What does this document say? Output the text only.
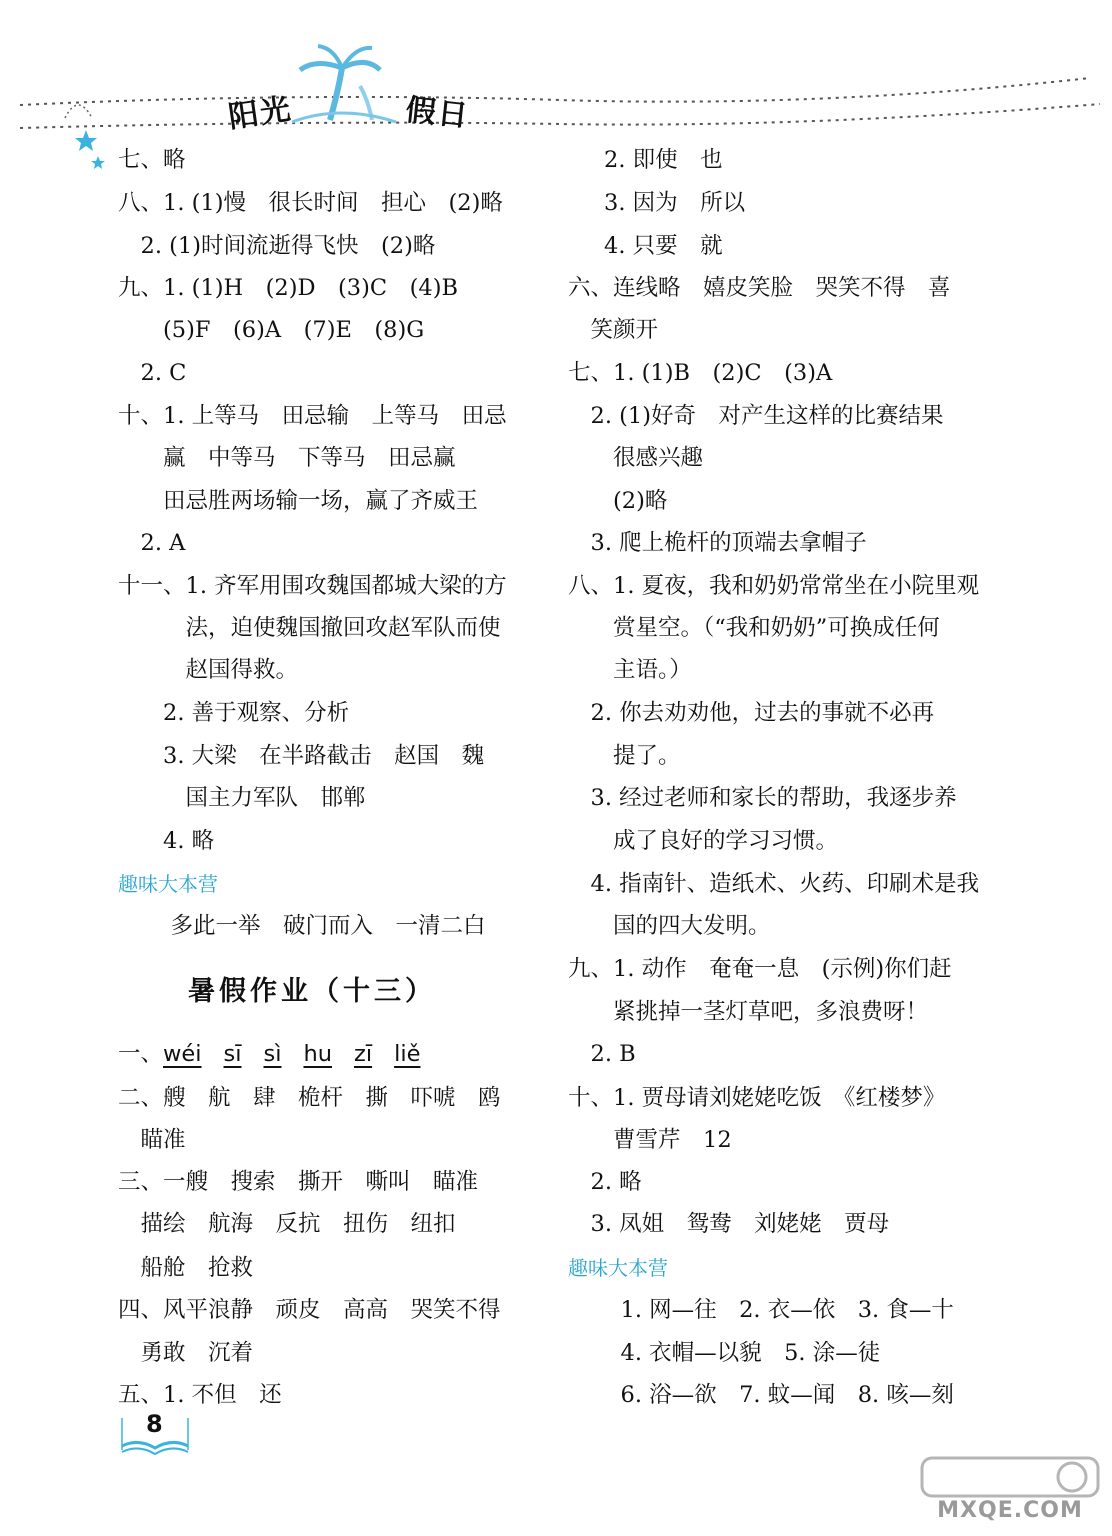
阳光	假日
七、略
八、1. (1)慢　很长时间　担心　(2)略
　2. (1)时间流逝得飞快　(2)略
九、1. (1)H　(2)D　(3)C　(4)B
　　(5)F　(6)A　(7)E　(8)G
　2. C
十、1. 上等马　田忌输　上等马　田忌
　　赢　中等马　下等马　田忌赢
　　田忌胜两场输一场，赢了齐威王
　2. A
十一、1. 齐军用围攻魏国都城大梁的方
　　　法，迫使魏国撤回攻赵军队而使
　　　赵国得救。
　　2. 善于观察、分析
　　3. 大梁　在半路截击　赵国　魏
　　　国主力军队　邯郸
　　4. 略
趣味大本营
　多此一举　破门而入　一清二白
暑假作业（十三）
一、 wéi sī sì hu zī liě
二、艘　航　肆　桅杆　撕　吓唬　鸥
　瞄准
三、一艘　搜索　撕开　嘶叫　瞄准
　描绘　航海　反抗　扭伤　纽扣
　船舱　抢救
四、风平浪静　顽皮　高高　哭笑不得
　勇敢　沉着
五、1. 不但　还
2. 即使　也
3. 因为　所以
4. 只要　就
六、连线略　嬉皮笑脸　哭笑不得　喜
　笑颜开
七、1. (1)B　(2)C　(3)A
　2. (1)好奇　对产生这样的比赛结果
　　很感兴趣
　　(2)略
　3. 爬上桅杆的顶端去拿帽子
八、1. 夏夜，我和奶奶常常坐在小院里观
　　赏星空。（“我和奶奶”可换成任何
　　主语。）
　2. 你去劝劝他，过去的事就不必再
　　提了。
　3. 经过老师和家长的帮助，我逐步养
　　成了良好的学习习惯。
　4. 指南针、造纸术、火药、印刷术是我
　　国的四大发明。
九、1. 动作　奄奄一息　(示例)你们赶
　　紧挑掉一茎灯草吧，多浪费呀！
　2. B
十、1. 贾母请刘姥姥吃饭　《红楼梦》
　　曹雪芹　12
　2. 略
　3. 凤姐　鸳鸯　刘姥姥　贾母
趣味大本营
　1. 网—往　2. 衣—依　3. 食—十
　4. 衣帽—以貌　5. 涂—徒
　6. 浴—欲　7. 蚊—闻　8. 咳—刻
8
MXQE.COM
